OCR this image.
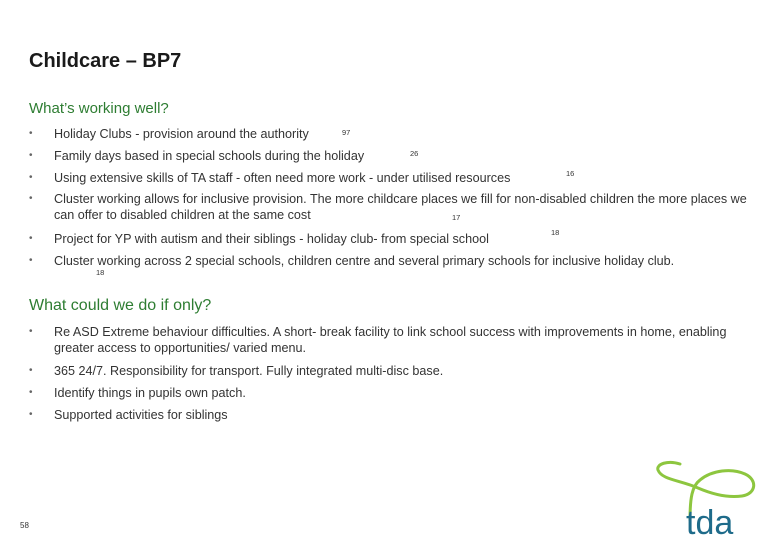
Childcare – BP7
What’s working well?
• Holiday Clubs - provision around the authority
• Family days based in special schools during the holiday
• Using extensive skills of TA staff - often need more work - under utilised resources
• Cluster working allows for inclusive provision. The more childcare places we fill for non-disabled children the more places we can offer to disabled children at the same cost
• Project for YP with autism and their siblings - holiday club- from special school
• Cluster working across 2 special schools, children centre and several primary schools for inclusive holiday club.
97
26
16
17
18
18
What could we do if only?
• Re ASD Extreme behaviour difficulties. A short- break facility to link school success with improvements in home, enabling greater access to opportunities/ varied menu.
• 365 24/7. Responsibility for transport. Fully integrated multi-disc base.
• Identify things in pupils own patch.
• Supported activities for siblings
58	tda
